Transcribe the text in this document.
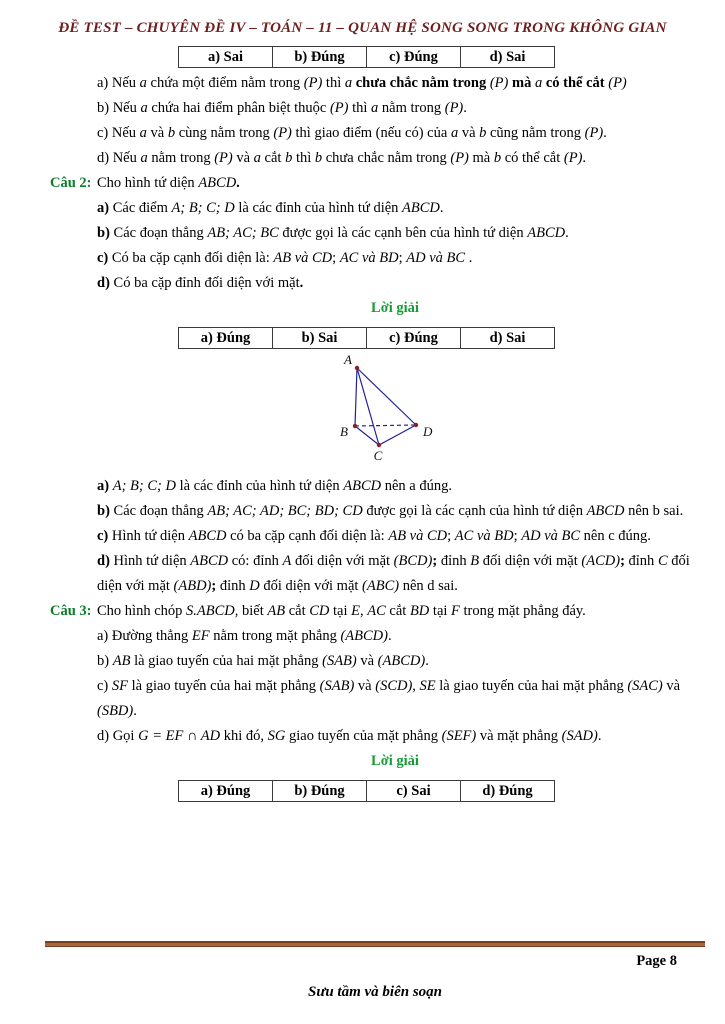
ĐỀ TEST – CHUYÊN ĐỀ IV – TOÁN – 11 – QUAN HỆ SONG SONG TRONG KHÔNG GIAN
a) Sai	b) Đúng	c) Đúng	d) Sai

a) Nếu a chứa một điểm nằm trong (P) thì a chưa chắc nằm trong (P) mà a có thể cắt (P)

b) Nếu a chứa hai điểm phân biệt thuộc (P) thì a nằm trong (P).

c) Nếu a và b cùng nằm trong (P) thì giao điểm (nếu có) của a và b cũng nằm trong (P).

d) Nếu a nằm trong (P) và a cắt b thì b chưa chắc nằm trong (P) mà b có thể cắt (P).

Câu 2: Cho hình tứ diện ABCD.

a) Các điểm A; B; C; D là các đỉnh của hình tứ diện ABCD.

b) Các đoạn thẳng AB; AC; BC được gọi là các cạnh bên của hình tứ diện ABCD.

c) Có ba cặp cạnh đối diện là: AB và CD; AC và BD; AD và BC .

d) Có ba cặp đỉnh đối diện với mặt.

Lời giải
a) Đúng	b) Sai	c) Đúng	d) Sai
A
B
C
D

a) A; B; C; D là các đỉnh của hình tứ diện ABCD nên a đúng.

b) Các đoạn thẳng AB; AC; AD; BC; BD; CD được gọi là các cạnh của hình tứ diện ABCD nên b sai.

c) Hình tứ diện ABCD có ba cặp cạnh đối diện là: AB và CD; AC và BD; AD và BC nên c đúng.

d) Hình tứ diện ABCD có: đỉnh A đối diện với mặt (BCD); đỉnh B đối diện với mặt (ACD); đỉnh C đối diện với mặt (ABD); đỉnh D đối diện với mặt (ABC) nên d sai.

Câu 3: Cho hình chóp S.ABCD, biết AB cắt CD tại E, AC cắt BD tại F trong mặt phẳng đáy.

a) Đường thẳng EF nằm trong mặt phẳng (ABCD).

b) AB là giao tuyến của hai mặt phẳng (SAB) và (ABCD).

c) SF là giao tuyến của hai mặt phẳng (SAB) và (SCD), SE là giao tuyến của hai mặt phẳng (SAC) và (SBD).

d) Gọi G = EF ∩ AD khi đó, SG giao tuyến của mặt phẳng (SEF) và mặt phẳng (SAD).

Lời giải
a) Đúng	b) Đúng	c) Sai	d) Đúng
Page 8
Sưu tầm và biên soạn
